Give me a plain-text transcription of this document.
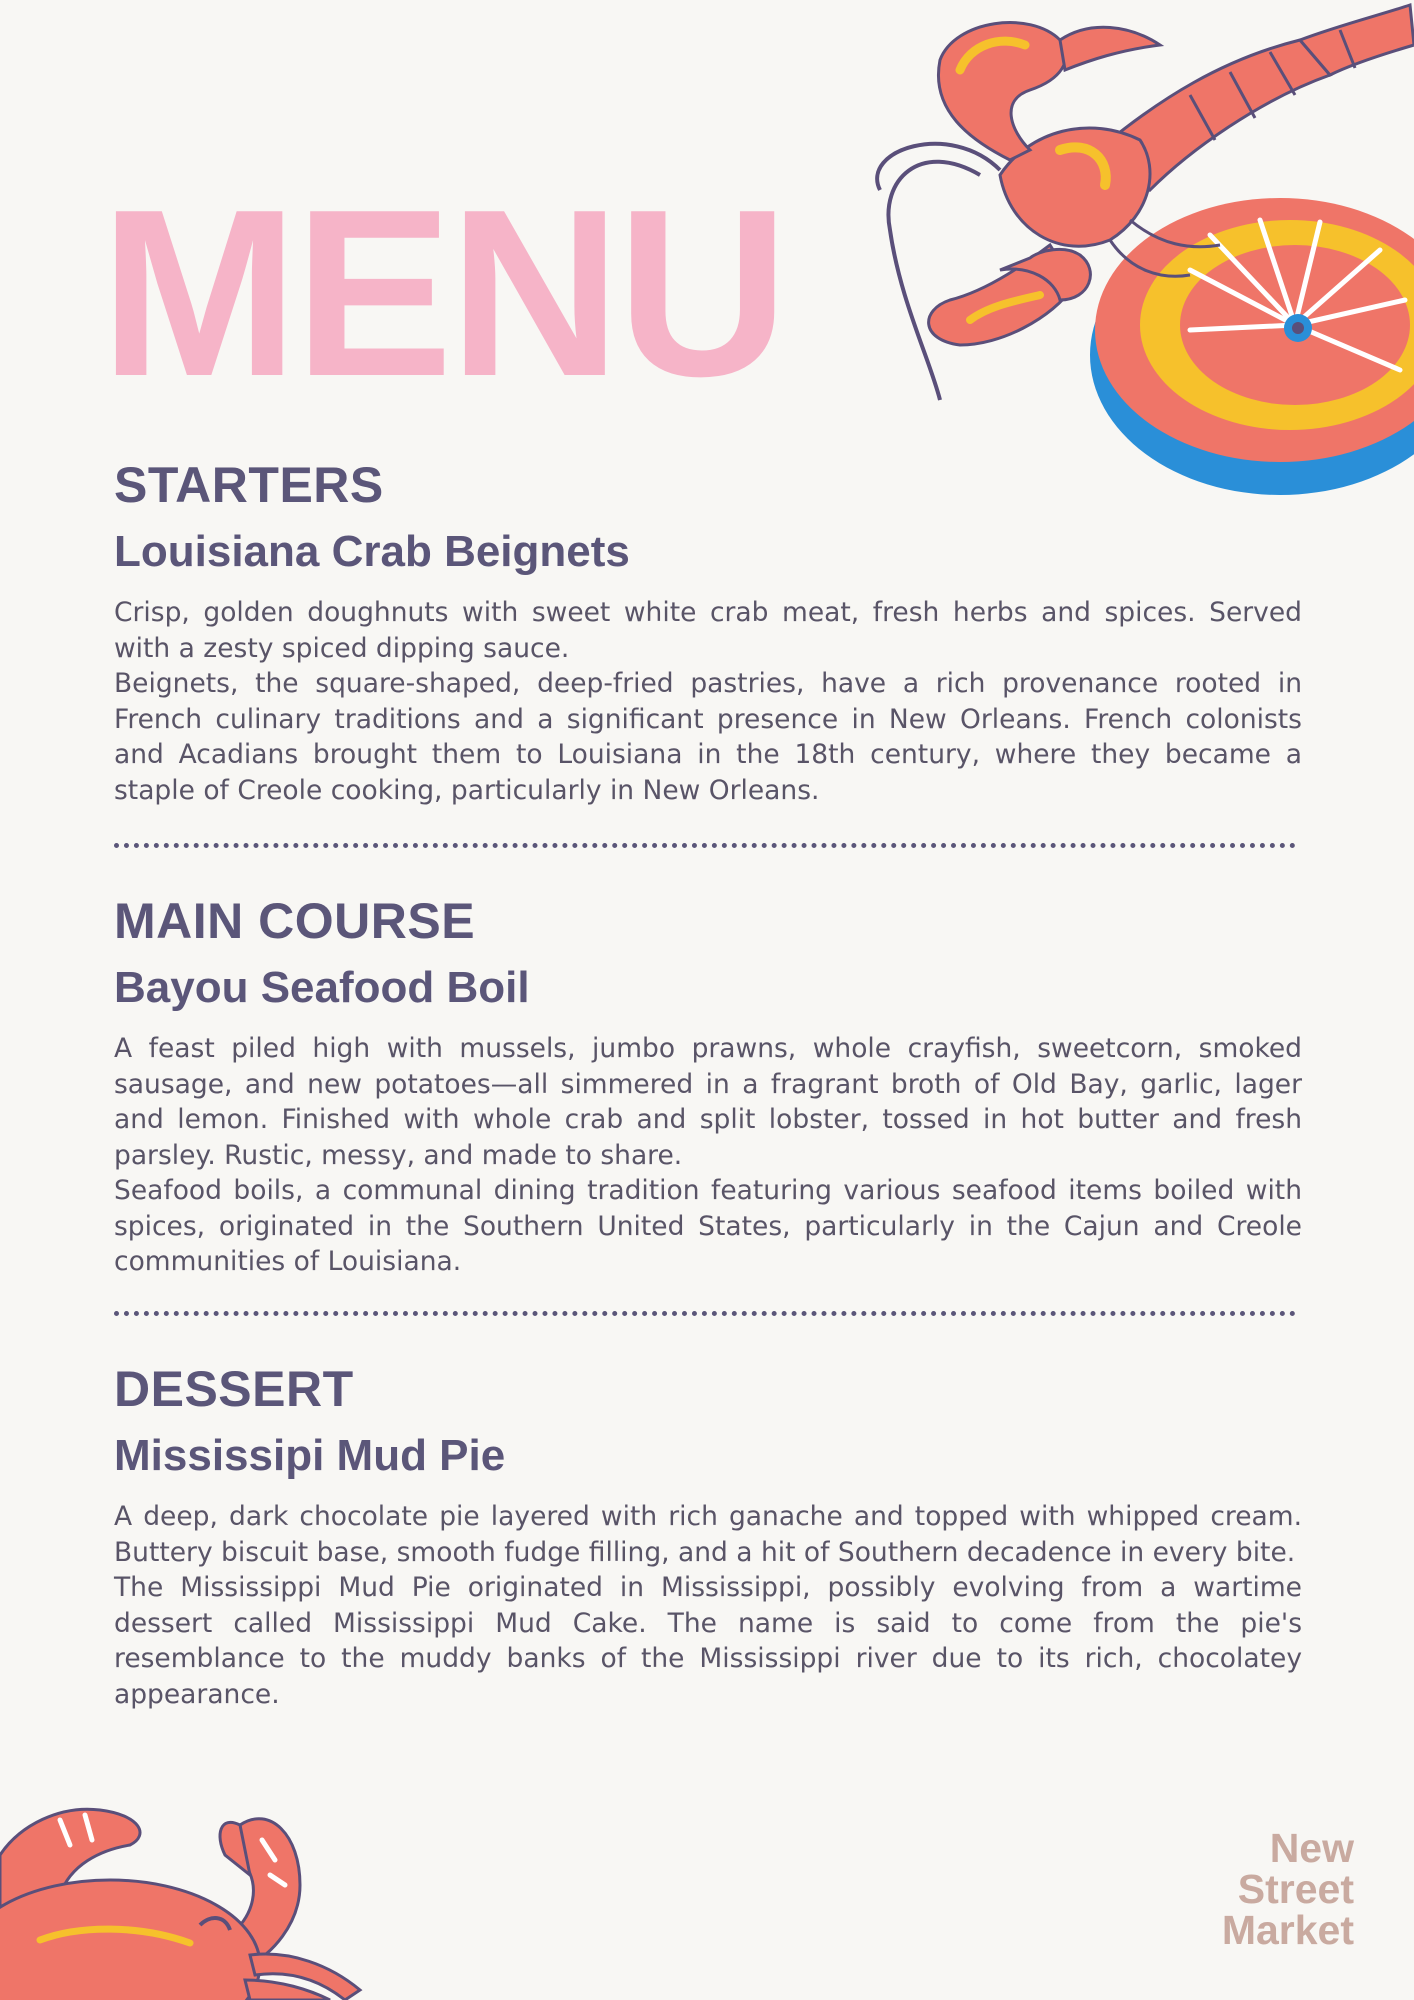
MENU
STARTERS
Louisiana Crab Beignets

Crisp, golden doughnuts with sweet white crab meat, fresh herbs and spices. Served with a zesty spiced dipping sauce.

Beignets, the square-shaped, deep-fried pastries, have a rich provenance rooted in French culinary traditions and a significant presence in New Orleans. French colonists and Acadians brought them to Louisiana in the 18th century, where they became a staple of Creole cooking, particularly in New Orleans.

MAIN COURSE
Bayou Seafood Boil

A feast piled high with mussels, jumbo prawns, whole crayfish, sweetcorn, smoked sausage, and new potatoes—all simmered in a fragrant broth of Old Bay, garlic, lager and lemon. Finished with whole crab and split lobster, tossed in hot butter and fresh parsley. Rustic, messy, and made to share.

Seafood boils, a communal dining tradition featuring various seafood items boiled with spices, originated in the Southern United States, particularly in the Cajun and Creole communities of Louisiana.

DESSERT
Mississipi Mud Pie

A deep, dark chocolate pie layered with rich ganache and topped with whipped cream. Buttery biscuit base, smooth fudge filling, and a hit of Southern decadence in every bite.

The Mississippi Mud Pie originated in Mississippi, possibly evolving from a wartime dessert called Mississippi Mud Cake. The name is said to come from the pie's resemblance to the muddy banks of the Mississippi river due to its rich, chocolatey appearance.

New
Street
Market
